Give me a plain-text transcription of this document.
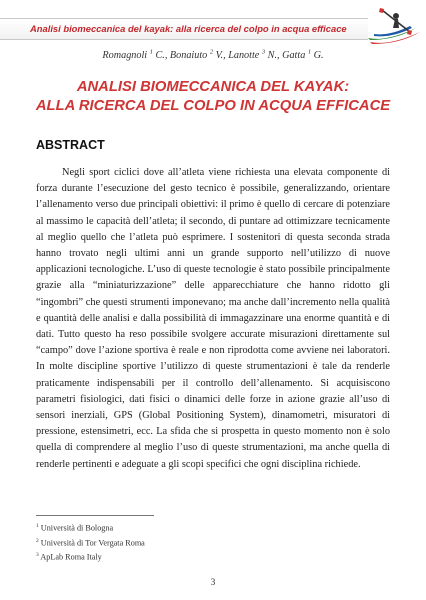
Analisi biomeccanica del kayak: alla ricerca del colpo in acqua efficace
Romagnoli $^1$ C., Bonaiuto $^2$ V., Lanotte $^3$ N., Gatta $^1$ G.
ANALISI BIOMECCANICA DEL KAYAK:
ALLA RICERCA DEL COLPO IN ACQUA EFFICACE
ABSTRACT
Negli sport ciclici dove all’atleta viene richiesta una elevata componente di forza durante l’esecuzione del gesto tecnico è possibile, generalizzando, orientare l’allenamento verso due principali obiettivi: il primo è quello di cercare di potenziare al massimo le capacità dell’atleta; il secondo, di puntare ad ottimizzare tecnicamente al meglio quello che l’atleta può esprimere. I sostenitori di questa seconda strada hanno trovato negli ultimi anni un grande supporto nell’utilizzo di nuove applicazioni tecnologiche. L’uso di queste tecnologie è stato possibile principalmente grazie alla “miniaturizzazione” delle apparecchiature che hanno ridotto gli “ingombri” che questi strumenti imponevano; ma anche dall’incremento nella qualità e quantità delle analisi e dalla possibilità di immagazzinare una enorme quantità e di dati. Tutto questo ha reso possibile svolgere accurate misurazioni direttamente sul “campo” dove l’azione sportiva è reale e non riprodotta come avviene nei laboratori. In molte discipline sportive l’utilizzo di queste strumentazioni è tale da renderle praticamente indispensabili per il controllo dell’allenamento. Si acquisiscono parametri fisiologici, dati fisici o dinamici delle forze in azione grazie all’uso di sensori inerziali, GPS (Global Positioning System), dinamometri, misuratori di pressione, estensimetri, ecc. La sfida che si prospetta in questo momento non è solo quella di comprendere al meglio l’uso di queste strumentazioni, ma anche quella di renderle pertinenti e adeguate a gli scopi specifici che ogni disciplina richiede.
$^1$ Università di Bologna
$^2$ Università di Tor Vergata Roma
$^3$ ApLab Roma Italy
3
